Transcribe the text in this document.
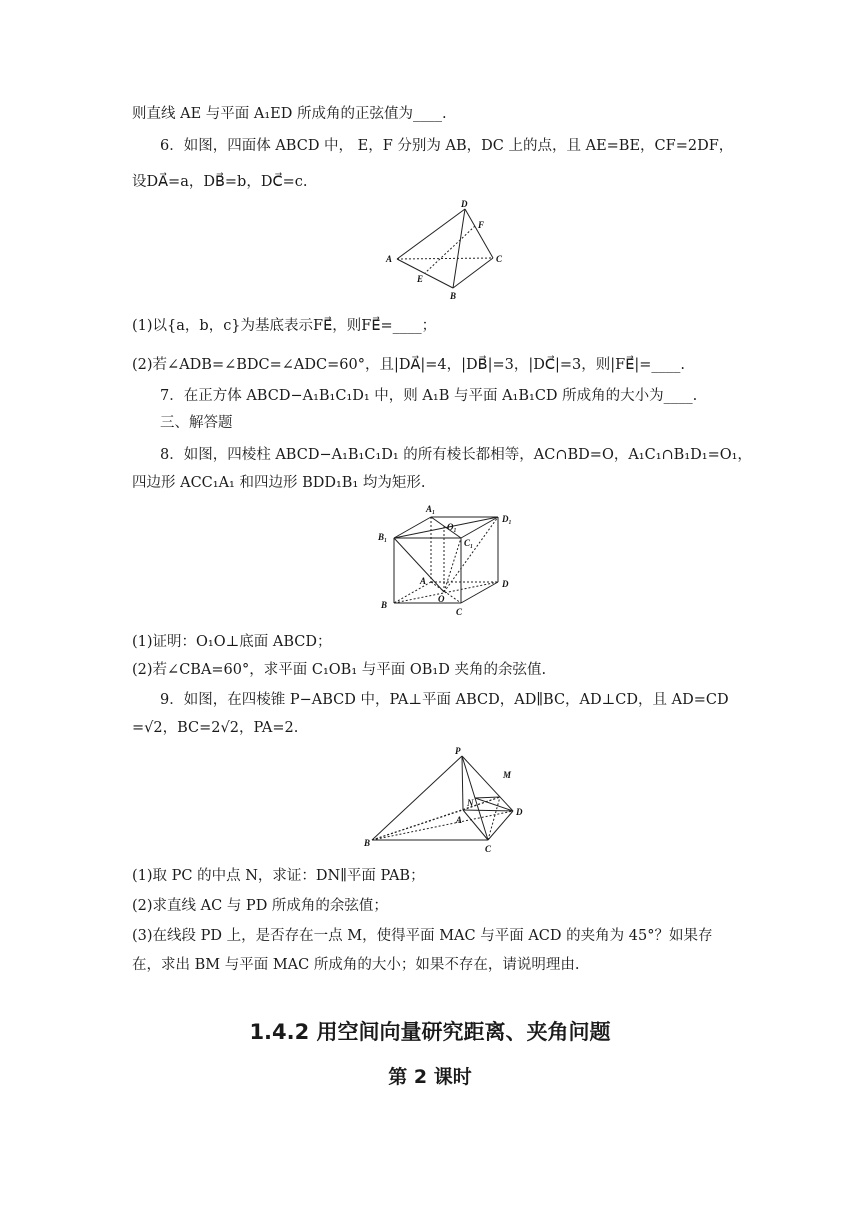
则直线 AE 与平面 A₁ED 所成角的正弦值为____.
6．如图，四面体 ABCD 中， E，F 分别为 AB，DC 上的点，且 AE=BE，CF=2DF，
设DA⃗=a，DB⃗=b，DC⃗=c.
D
F
A	C
E
B
(1)以{a，b，c}为基底表示FE⃗，则FE⃗=____；
(2)若∠ADB=∠BDC=∠ADC=60°，且|DA⃗|=4，|DB⃗|=3，|DC⃗|=3，则|FE⃗|=____.
7．在正方体 ABCD−A₁B₁C₁D₁ 中，则 A₁B 与平面 A₁B₁CD 所成角的大小为____.
三、解答题
8．如图，四棱柱 ABCD−A₁B₁C₁D₁ 的所有棱长都相等，AC∩BD=O，A₁C₁∩B₁D₁=O₁，
四边形 ACC₁A₁ 和四边形 BDD₁B₁ 均为矩形.
A₁
O₁
D₁
B₁
C₁
A	D
O
B
C
(1)证明：O₁O⊥底面 ABCD；
(2)若∠CBA=60°，求平面 C₁OB₁ 与平面 OB₁D 夹角的余弦值.
9．如图，在四棱锥 P−ABCD 中，PA⊥平面 ABCD，AD∥BC，AD⊥CD，且 AD=CD
=√2，BC=2√2，PA=2.
P
M
N
A
D
B
C
(1)取 PC 的中点 N，求证：DN∥平面 PAB；
(2)求直线 AC 与 PD 所成角的余弦值；
(3)在线段 PD 上，是否存在一点 M，使得平面 MAC 与平面 ACD 的夹角为 45°？如果存
在，求出 BM 与平面 MAC 所成角的大小；如果不存在，请说明理由.
1.4.2 用空间向量研究距离、夹角问题
第 2 课时
